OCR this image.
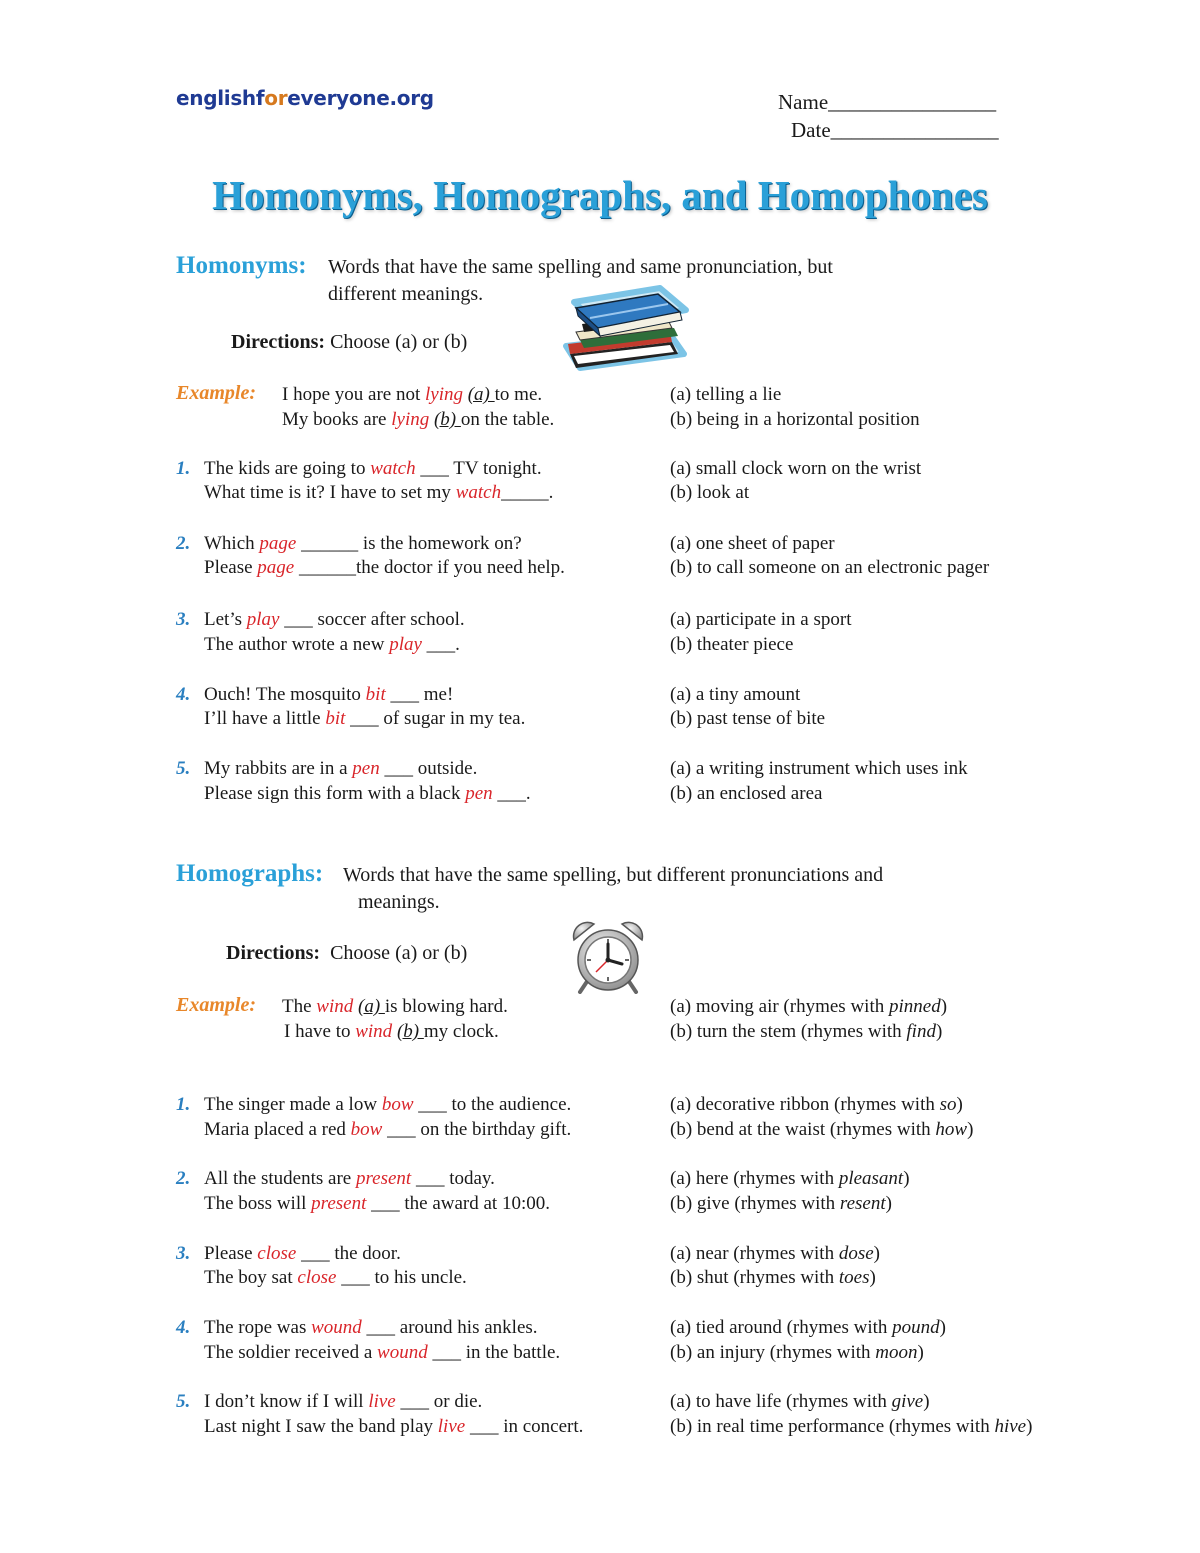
englishforeveryone.org	Name________________
Date________________
Homonyms, Homographs, and Homophones
Homonyms: Words that have the same spelling and same pronunciation, but
different meanings.
Directions: Choose (a) or (b)
Example: I hope you are not lying (a) to me.
My books are lying (b) on the table.
(a) telling a lie
(b) being in a horizontal position
1. The kids are going to watch ___ TV tonight.
What time is it? I have to set my watch_____.
(a) small clock worn on the wrist
(b) look at
2. Which page ______ is the homework on?
Please page ______the doctor if you need help.
(a) one sheet of paper
(b) to call someone on an electronic pager
3. Let’s play ___ soccer after school.
The author wrote a new play ___.
(a) participate in a sport
(b) theater piece
4. Ouch! The mosquito bit ___ me!
I’ll have a little bit ___ of sugar in my tea.
(a) a tiny amount
(b) past tense of bite
5. My rabbits are in a pen ___ outside.
Please sign this form with a black pen ___.
(a) a writing instrument which uses ink
(b) an enclosed area
Homographs: Words that have the same spelling, but different pronunciations and
meanings.
Directions: Choose (a) or (b)
Example: The wind (a) is blowing hard.
I have to wind (b) my clock.
(a) moving air (rhymes with pinned)
(b) turn the stem (rhymes with find)
1. The singer made a low bow ___ to the audience.
Maria placed a red bow ___ on the birthday gift.
(a) decorative ribbon (rhymes with so)
(b) bend at the waist (rhymes with how)
2. All the students are present ___ today.
The boss will present ___ the award at 10:00.
(a) here (rhymes with pleasant)
(b) give (rhymes with resent)
3. Please close ___ the door.
The boy sat close ___ to his uncle.
(a) near (rhymes with dose)
(b) shut (rhymes with toes)
4. The rope was wound ___ around his ankles.
The soldier received a wound ___ in the battle.
(a) tied around (rhymes with pound)
(b) an injury (rhymes with moon)
5. I don’t know if I will live ___ or die.
Last night I saw the band play live ___ in concert.
(a) to have life (rhymes with give)
(b) in real time performance (rhymes with hive)
